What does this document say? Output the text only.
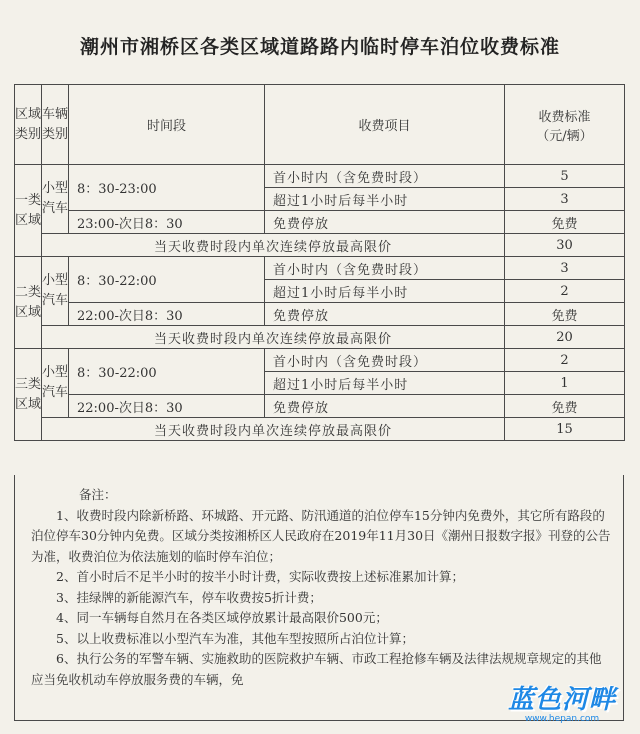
潮州市湘桥区各类区域道路路内临时停车泊位收费标准
区域类别	车辆类别	时间段	收费项目	收费标准
（元/辆）

一类区域	小型汽车	8：30-23:00	首小时内（含免费时段）	5
			超过1小时后每半小时	3
		23:00-次日8：30	免费停放	免费
	当天收费时段内单次连续停放最高限价			30
二类区域	小型汽车	8：30-22:00	首小时内（含免费时段）	3
			超过1小时后每半小时	2
		22:00-次日8：30	免费停放	免费
	当天收费时段内单次连续停放最高限价			20
三类区域	小型汽车	8：30-22:00	首小时内（含免费时段）	2
			超过1小时后每半小时	1
		22:00-次日8：30	免费停放	免费
	当天收费时段内单次连续停放最高限价			15

备注：

1、收费时段内除新桥路、环城路、开元路、防汛通道的泊位停车15分钟内免费外，其它所有路段的泊位停车30分钟内免费。区域分类按湘桥区人民政府在2019年11月30日《潮州日报数字报》刊登的公告为准，收费泊位为依法施划的临时停车泊位；

2、首小时后不足半小时的按半小时计费，实际收费按上述标准累加计算；

3、挂绿牌的新能源汽车，停车收费按5折计费；

4、同一车辆每自然月在各类区域停放累计最高限价500元；

5、以上收费标准以小型汽车为准，其他车型按照所占泊位计算；

6、执行公务的军警车辆、实施救助的医院救护车辆、市政工程抢修车辆及法律法规规章规定的其他应当免收机动车停放服务费的车辆，免

蓝色河畔
www.hepan.com
